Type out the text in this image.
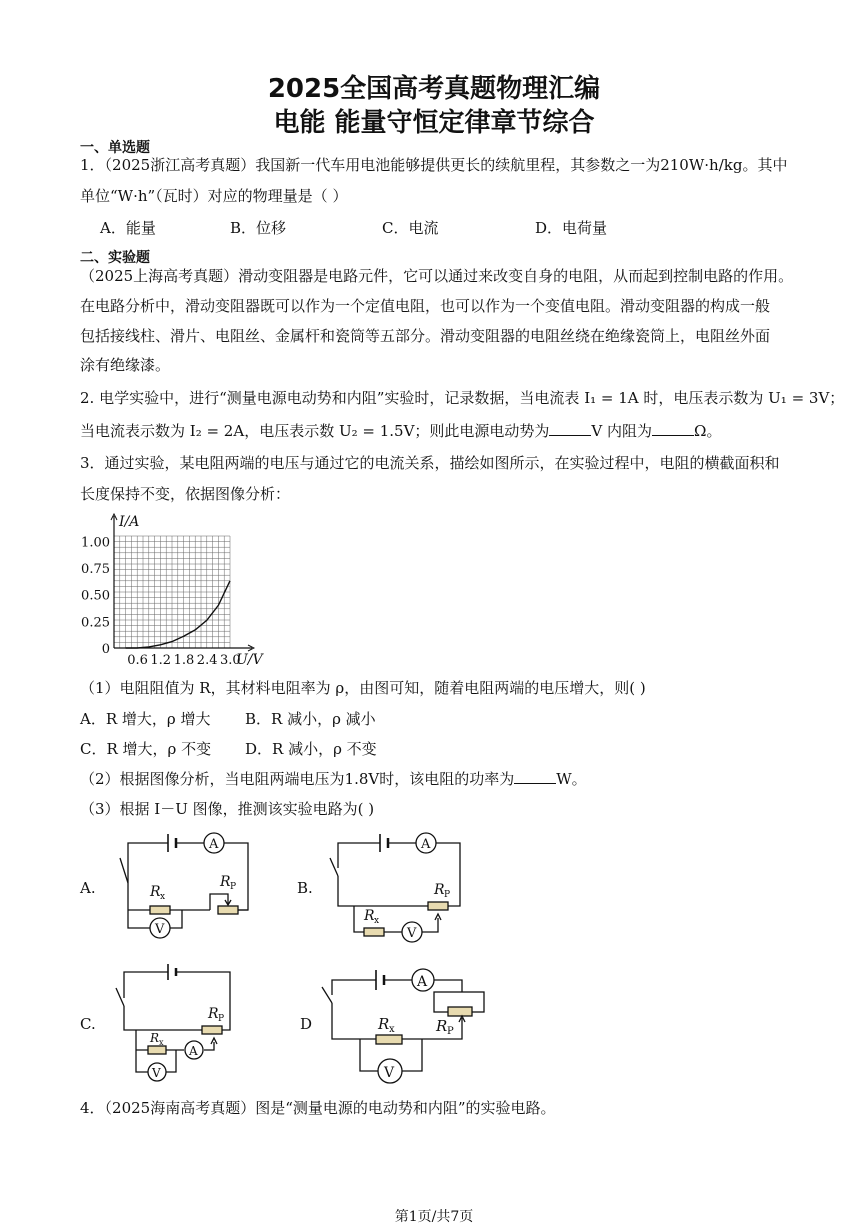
2025全国高考真题物理汇编
电能 能量守恒定律章节综合
一、单选题
1．（2025浙江高考真题）我国新一代车用电池能够提供更长的续航里程，其参数之一为210W·h/kg。其中
单位“W·h”（瓦时）对应的物理量是（ ）
A．能量	B．位移	C．电流	D．电荷量
二、实验题
（2025上海高考真题）滑动变阻器是电路元件，它可以通过来改变自身的电阻，从而起到控制电路的作用。
在电路分析中，滑动变阻器既可以作为一个定值电阻，也可以作为一个变值电阻。滑动变阻器的构成一般
包括接线柱、滑片、电阻丝、金属杆和瓷筒等五部分。滑动变阻器的电阻丝绕在绝缘瓷筒上，电阻丝外面
涂有绝缘漆。
2. 电学实验中，进行“测量电源电动势和内阻”实验时，记录数据，当电流表 I₁ = 1A 时，电压表示数为 U₁ = 3V；
当电流表示数为 I₂ = 2A，电压表示数 U₂ = 1.5V；则此电源电动势为	V 内阻为	Ω。
3．通过实验，某电阻两端的电压与通过它的电流关系，描绘如图所示，在实验过程中，电阻的横截面积和
长度保持不变，依据图像分析：
I/A
U/V
0.6 1.2 1.8 2.4 3.0
0
0.25
0.50
0.75
1.00
（1）电阻阻值为 R，其材料电阻率为 ρ，由图可知，随着电阻两端的电压增大，则( )
A．R 增大，ρ 增大 B．R 减小，ρ 减小
C．R 增大，ρ 不变 D．R 减小，ρ 不变
（2）根据图像分析，当电阻两端电压为1.8V时，该电阻的功率为	W。
（3）根据 I－U 图像，推测该实验电路为( )
A.
A
V
R x
R P	B.
A
V
R x
R P
C.
A
V
R x
R P	D
A
V
R x	R P
4．（2025海南高考真题）图是“测量电源的电动势和内阻”的实验电路。
第1页/共7页
